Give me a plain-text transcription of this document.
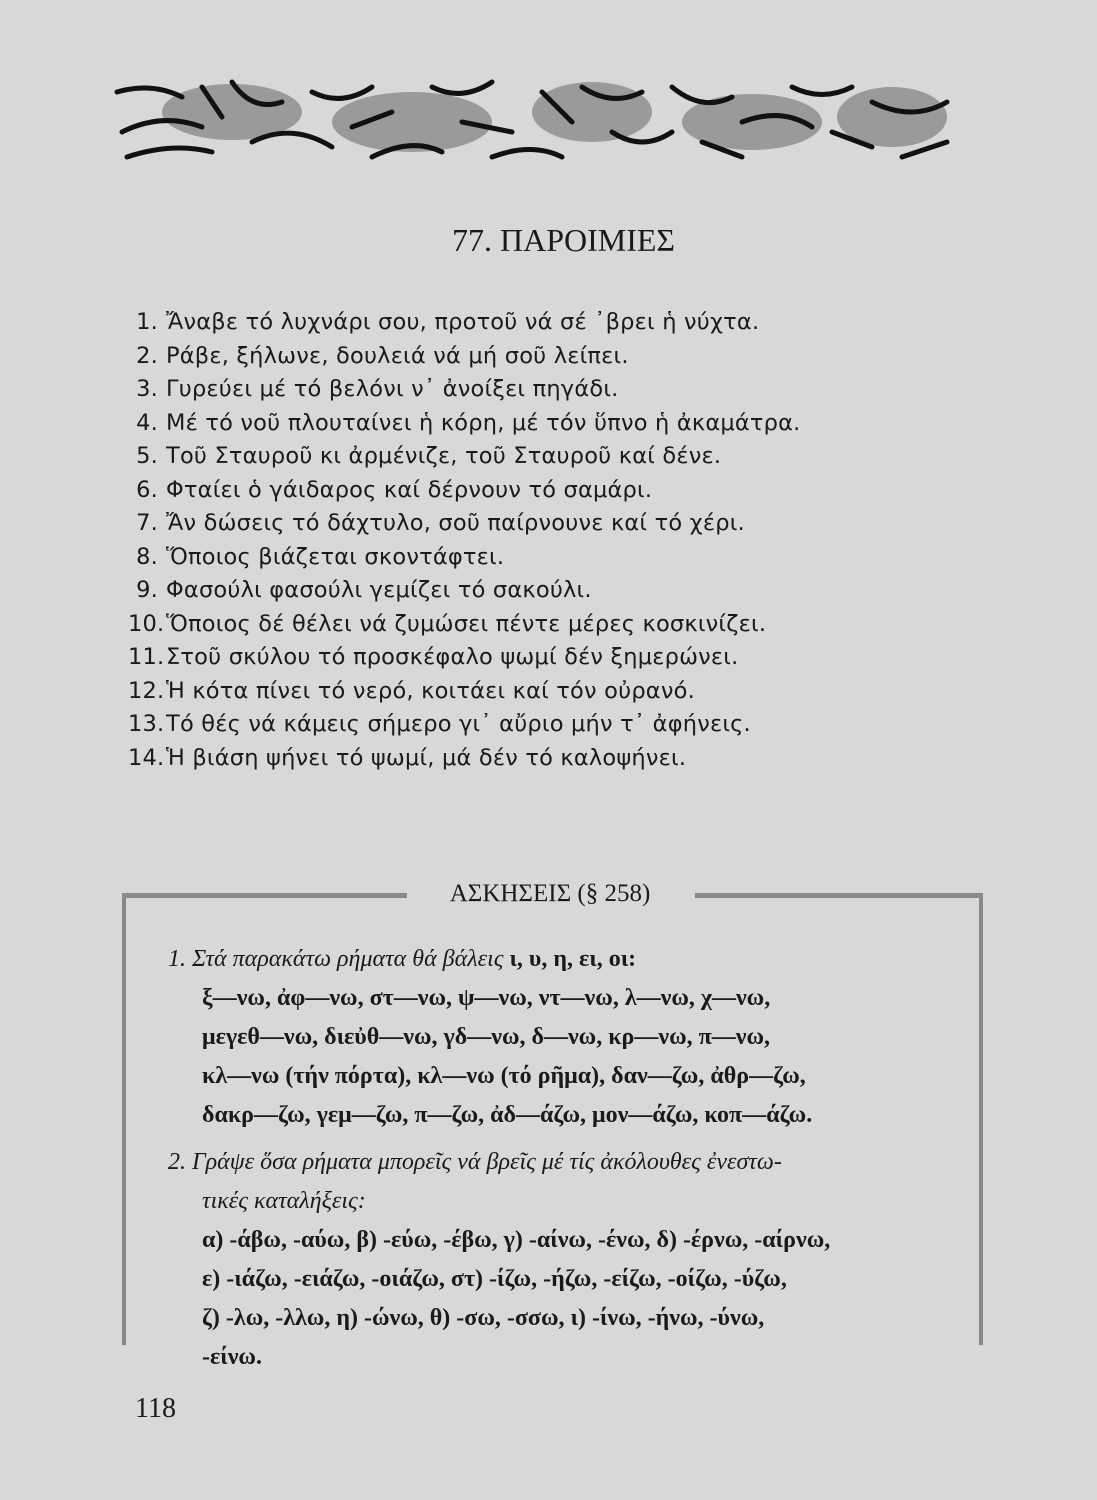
77. ΠΑΡΟΙΜΙΕΣ
1. Ἄναβε τό λυχνάρι σου, προτοῦ νά σέ ᾽βρει ἡ νύχτα.
2. Ράβε, ξήλωνε, δουλειά νά μή σοῦ λείπει.
3. Γυρεύει μέ τό βελόνι ν᾽ ἀνοίξει πηγάδι.
4. Μέ τό νοῦ πλουταίνει ἡ κόρη, μέ τόν ὕπνο ἡ ἀκαμάτρα.
5. Τοῦ Σταυροῦ κι ἀρμένιζε, τοῦ Σταυροῦ καί δένε.
6. Φταίει ὁ γάιδαρος καί δέρνουν τό σαμάρι.
7. Ἄν δώσεις τό δάχτυλο, σοῦ παίρνουνε καί τό χέρι.
8. Ὅποιος βιάζεται σκοντάφτει.
9. Φασούλι φασούλι γεμίζει τό σακούλι.
10.Ὅποιος δέ θέλει νά ζυμώσει πέντε μέρες κοσκινίζει.
11.Στοῦ σκύλου τό προσκέφαλο ψωμί δέν ξημερώνει.
12.Ἡ κότα πίνει τό νερό, κοιτάει καί τόν οὐρανό.
13.Τό θές νά κάμεις σήμερο γι᾽ αὔριο μήν τ᾽ ἀφήνεις.
14.Ἡ βιάση ψήνει τό ψωμί, μά δέν τό καλοψήνει.
ΑΣΚΗΣΕΙΣ (§ 258)
1. Στά παρακάτω ρήματα θά βάλεις ι, υ, η, ει, οι:
ξ—νω, ἀφ—νω, στ—νω, ψ—νω, ντ—νω, λ—νω, χ—νω,
μεγεθ—νω, διεὐθ—νω, γδ—νω, δ—νω, κρ—νω, π—νω,
κλ—νω (τήν πόρτα), κλ—νω (τό ρῆμα), δαν—ζω, ἀθρ—ζω,
δακρ—ζω, γεμ—ζω, π—ζω, ἀδ—άζω, μον—άζω, κοπ—άζω.
2. Γράψε ὅσα ρήματα μπορεῖς νά βρεῖς μέ τίς ἀκόλουθες ἐνεστω-
τικές καταλήξεις:
α) -άβω, -αύω, β) -εύω, -έβω, γ) -αίνω, -ένω, δ) -έρνω, -αίρνω,
ε) -ιάζω, -ειάζω, -οιάζω, στ) -ίζω, -ήζω, -είζω, -οίζω, -ύζω,
ζ) -λω, -λλω, η) -ώνω, θ) -σω, -σσω, ι) -ίνω, -ήνω, -ύνω,
-είνω.
118
